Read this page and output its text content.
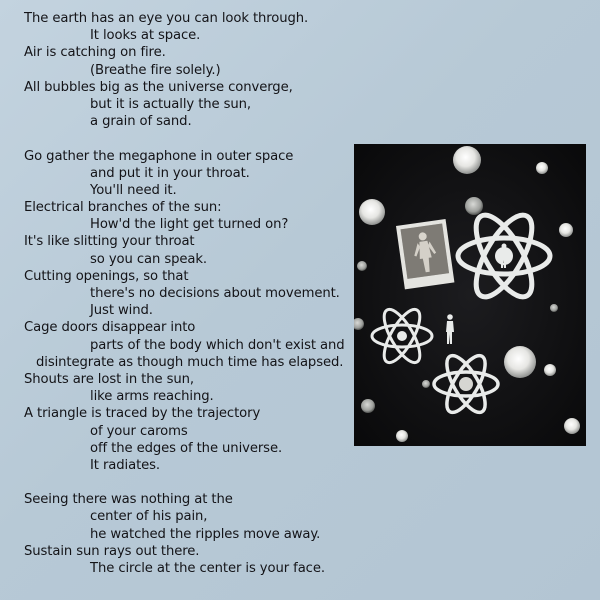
The earth has an eye you can look through.
It looks at space.
Air is catching on fire.
(Breathe fire solely.)
All bubbles big as the universe converge,
but it is actually the sun,
a grain of sand.
Go gather the megaphone in outer space
and put it in your throat.
You'll need it.
Electrical branches of the sun:
How'd the light get turned on?
It's like slitting your throat
so you can speak.
Cutting openings, so that
there's no decisions about movement.
Just wind.
Cage doors disappear into
parts of the body which don't exist and
disintegrate as though much time has elapsed.
Shouts are lost in the sun,
like arms reaching.
A triangle is traced by the trajectory
of your caroms
off the edges of the universe.
It radiates.
Seeing there was nothing at the
center of his pain,
he watched the ripples move away.
Sustain sun rays out there.
The circle at the center is your face.
